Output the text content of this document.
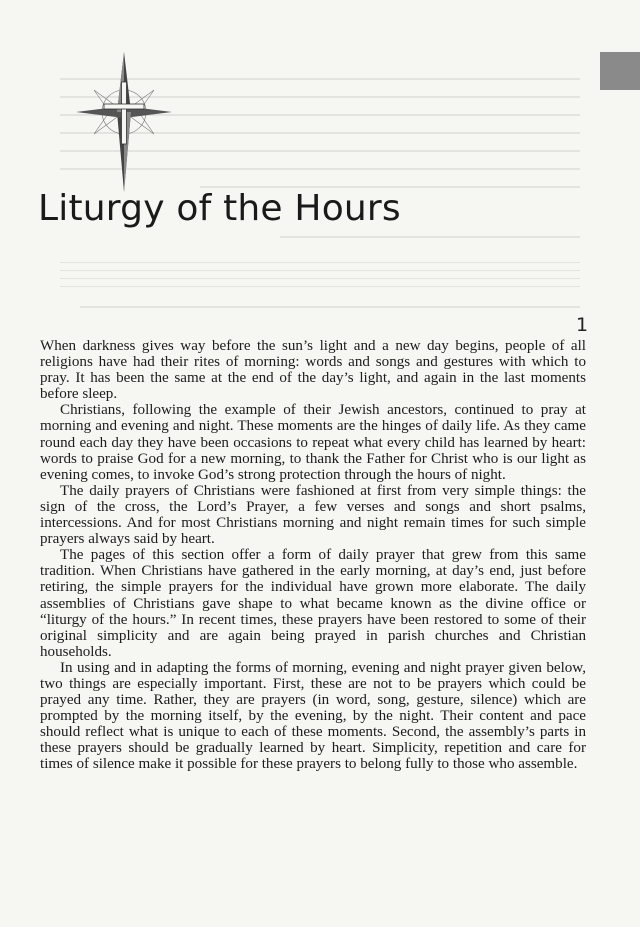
Liturgy of the Hours
1

When darkness gives way before the sun’s light and a new day begins, people of all religions have had their rites of morning: words and songs and gestures with which to pray. It has been the same at the end of the day’s light, and again in the last moments before sleep.

Christians, following the example of their Jewish ancestors, continued to pray at morning and evening and night. These moments are the hinges of daily life. As they came round each day they have been occasions to repeat what every child has learned by heart: words to praise God for a new morning, to thank the Father for Christ who is our light as evening comes, to invoke God’s strong protection through the hours of night.

The daily prayers of Christians were fashioned at first from very simple things: the sign of the cross, the Lord’s Prayer, a few verses and songs and short psalms, intercessions. And for most Christians morning and night remain times for such simple prayers always said by heart.

The pages of this section offer a form of daily prayer that grew from this same tradition. When Christians have gathered in the early morning, at day’s end, just before retiring, the simple prayers for the individual have grown more elaborate. The daily assemblies of Christians gave shape to what became known as the divine office or “liturgy of the hours.” In recent times, these prayers have been restored to some of their original simplicity and are again being prayed in parish churches and Christian households.

In using and in adapting the forms of morning, evening and night prayer given below, two things are especially important. First, these are not to be prayers which could be prayed any time. Rather, they are prayers (in word, song, gesture, silence) which are prompted by the morning itself, by the evening, by the night. Their content and pace should reflect what is unique to each of these moments. Second, the assembly’s parts in these prayers should be gradually learned by heart. Simplicity, repetition and care for times of silence make it possible for these prayers to belong fully to those who assemble.
